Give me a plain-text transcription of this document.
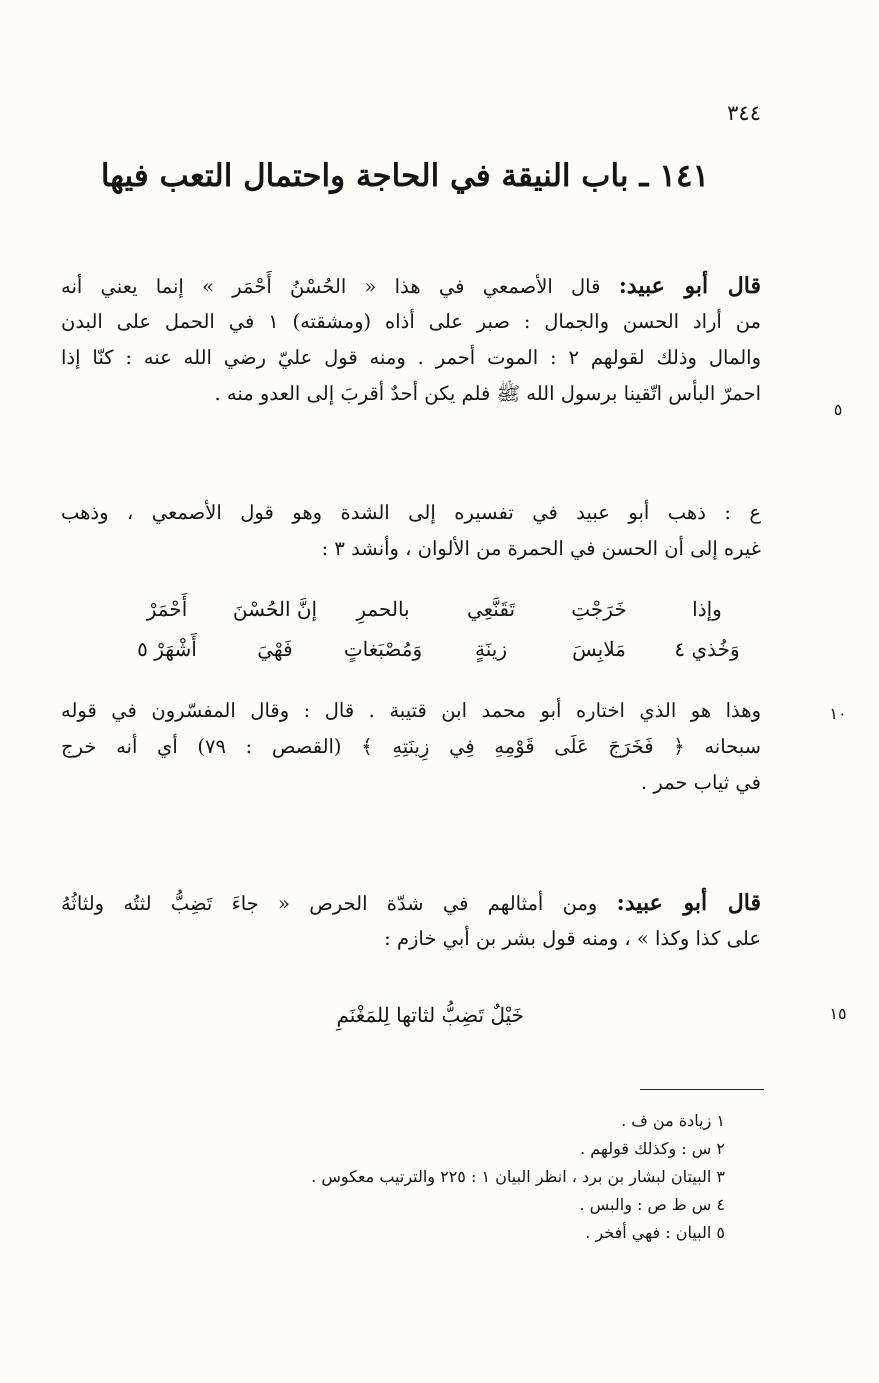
٣٤٤
١٤١ ـ باب النيقة في الحاجة واحتمال التعب فيها
قال أبو عبيد: قال الأصمعي في هذا « الحُسْنُ أَحْمَر » إنما يعني أنه
من أراد الحسن والجمال : صبر على أذاه (ومشقته) ١ في الحمل على البدن
والمال وذلك لقولهم ٢ : الموت أحمر . ومنه قول عليّ رضي الله عنه : كنّا إذا
احمرّ البأس اتّقينا برسول الله ﷺ فلم يكن أحدٌ أقربَ إلى العدو منه .
٥
ع : ذهب أبو عبيد في تفسيره إلى الشدة وهو قول الأصمعي ، وذهب
غيره إلى أن الحسن في الحمرة من الألوان ، وأنشد ٣ :
وإذاخَرَجْتِتَقَنَّعِيبالحمرِإنَّ الحُسْنَأَحْمَرْ
وَخُذي ٤مَلابِسَزينَةٍوَمُصْبَغاتٍفَهْيَأَشْهَرْ ٥
وهذا هو الذي اختاره أبو محمد ابن قتيبة . قال : وقال المفسّرون في قوله
سبحانه ﴿ فَخَرَجَ عَلَى قَوْمِهِ فِي زِينَتِهِ ﴾ (القصص : ٧٩) أي أنه خرج
في ثياب حمر .
١٠
قال أبو عبيد: ومن أمثالهم في شدّة الحرص « جاءَ تَضِبُّ لثتُه ولثاثُهُ
على كذا وكذا » ، ومنه قول بشر بن أبي خازم :
خَيْلٌ تَضِبُّ لثاتها لِلمَغْنَمِ	١٥
١ زيادة من ف .
٢ س : وكذلك قولهم .
٣ البيتان لبشار بن برد ، انظر البيان ١ : ٢٢٥ والترتيب معكوس .
٤ س ط ص : والبس .
٥ البيان : فهي أفخر .
